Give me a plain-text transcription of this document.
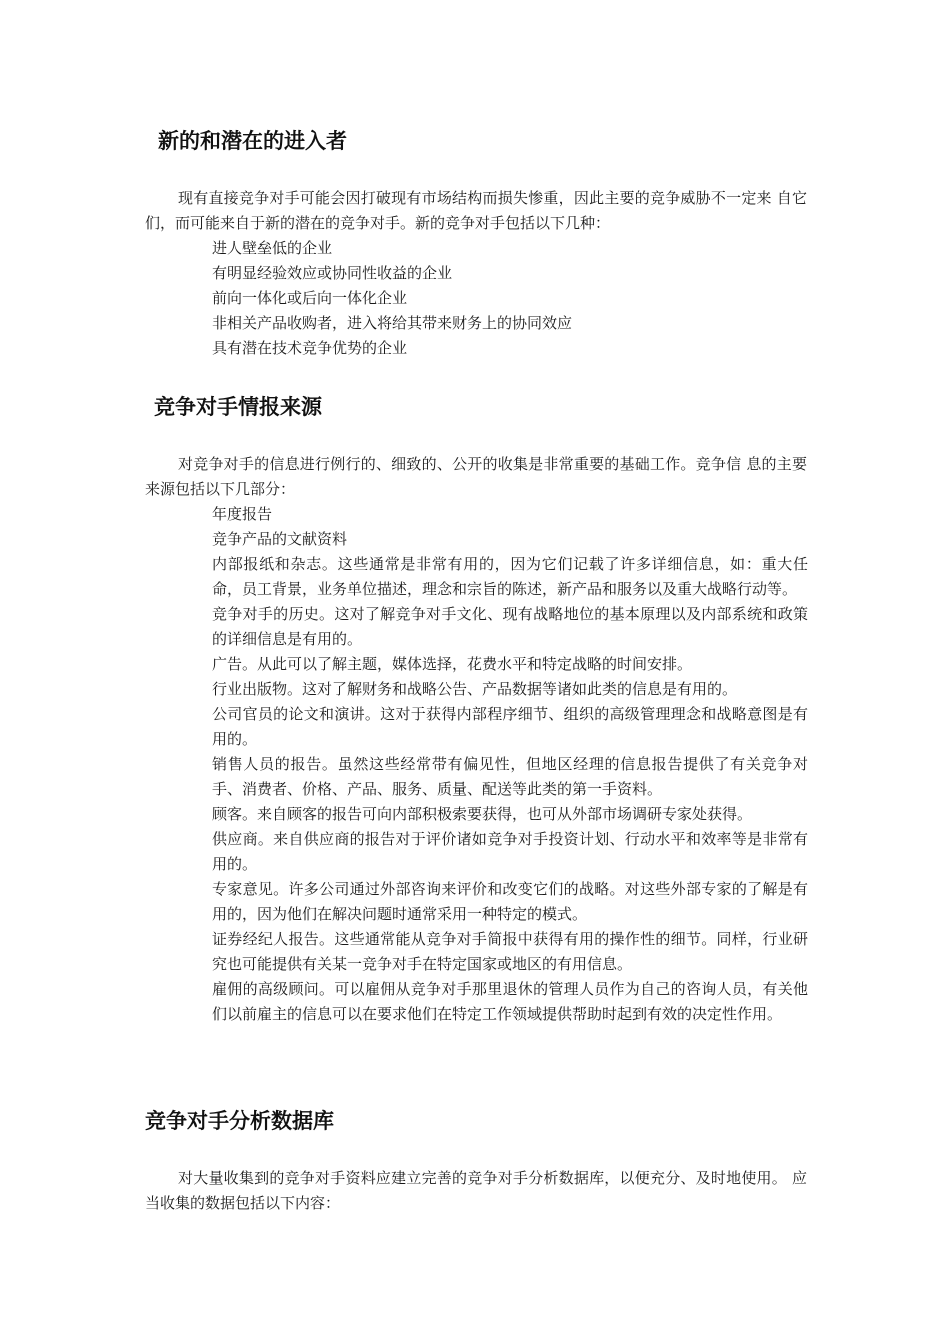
新的和潜在的进入者

现有直接竞争对手可能会因打破现有市场结构而损失惨重，因此主要的竞争威胁不一定来 自它们，而可能来自于新的潜在的竞争对手。新的竞争对手包括以下几种：

进人壁垒低的企业
有明显经验效应或协同性收益的企业
前向一体化或后向一体化企业
非相关产品收购者，进入将给其带来财务上的协同效应
具有潜在技术竞争优势的企业
竞争对手情报来源

对竞争对手的信息进行例行的、细致的、公开的收集是非常重要的基础工作。竞争信 息的主要来源包括以下几部分：

年度报告
竞争产品的文献资料
内部报纸和杂志。这些通常是非常有用的，因为它们记载了许多详细信息，如：重大任命，员工背景，业务单位描述，理念和宗旨的陈述，新产品和服务以及重大战略行动等。
竞争对手的历史。这对了解竞争对手文化、现有战略地位的基本原理以及内部系统和政策的详细信息是有用的。
广告。从此可以了解主题，媒体选择，花费水平和特定战略的时间安排。
行业出版物。这对了解财务和战略公告、产品数据等诸如此类的信息是有用的。
公司官员的论文和演讲。这对于获得内部程序细节、组织的高级管理理念和战略意图是有用的。
销售人员的报告。虽然这些经常带有偏见性，但地区经理的信息报告提供了有关竞争对手、消费者、价格、产品、服务、质量、配送等此类的第一手资料。
顾客。来自顾客的报告可向内部积极索要获得，也可从外部市场调研专家处获得。
供应商。来自供应商的报告对于评价诸如竞争对手投资计划、行动水平和效率等是非常有用的。
专家意见。许多公司通过外部咨询来评价和改变它们的战略。对这些外部专家的了解是有用的，因为他们在解决问题时通常采用一种特定的模式。
证券经纪人报告。这些通常能从竞争对手简报中获得有用的操作性的细节。同样，行业研究也可能提供有关某一竞争对手在特定国家或地区的有用信息。
雇佣的高级顾问。可以雇佣从竞争对手那里退休的管理人员作为自己的咨询人员，有关他们以前雇主的信息可以在要求他们在特定工作领域提供帮助时起到有效的决定性作用。
竞争对手分析数据库

对大量收集到的竞争对手资料应建立完善的竞争对手分析数据库，以便充分、及时地使用。 应当收集的数据包括以下内容：
